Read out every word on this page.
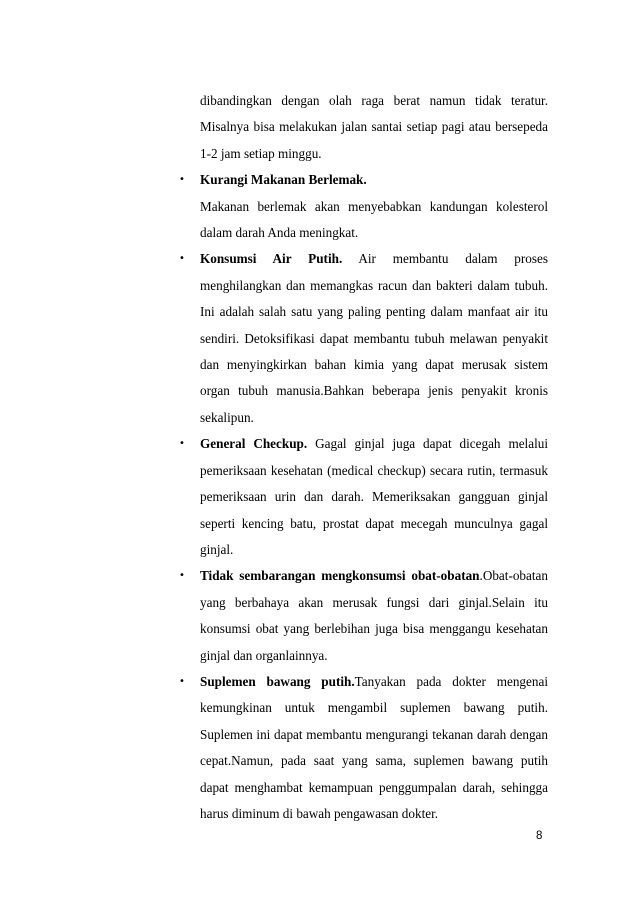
dibandingkan dengan olah raga berat namun tidak teratur. Misalnya bisa melakukan jalan santai setiap pagi atau bersepeda 1-2 jam setiap minggu.

• Kurangi Makanan Berlemak.
Makanan berlemak akan menyebabkan kandungan kolesterol dalam darah Anda meningkat.
• Konsumsi Air Putih. Air membantu dalam proses menghilangkan dan memangkas racun dan bakteri dalam tubuh. Ini adalah salah satu yang paling penting dalam manfaat air itu sendiri. Detoksifikasi dapat membantu tubuh melawan penyakit dan menyingkirkan bahan kimia yang dapat merusak sistem organ tubuh manusia.Bahkan beberapa jenis penyakit kronis sekalipun.
• General Checkup. Gagal ginjal juga dapat dicegah melalui pemeriksaan kesehatan (medical checkup) secara rutin, termasuk pemeriksaan urin dan darah. Memeriksakan gangguan ginjal seperti kencing batu, prostat dapat mecegah munculnya gagal ginjal.
• Tidak sembarangan mengkonsumsi obat-obatan.Obat-obatan yang berbahaya akan merusak fungsi dari ginjal.Selain itu konsumsi obat yang berlebihan juga bisa menggangu kesehatan ginjal dan organlainnya.
• Suplemen bawang putih.Tanyakan pada dokter mengenai kemungkinan untuk mengambil suplemen bawang putih. Suplemen ini dapat membantu mengurangi tekanan darah dengan cepat.Namun, pada saat yang sama, suplemen bawang putih dapat menghambat kemampuan penggumpalan darah, sehingga harus diminum di bawah pengawasan dokter.
8
